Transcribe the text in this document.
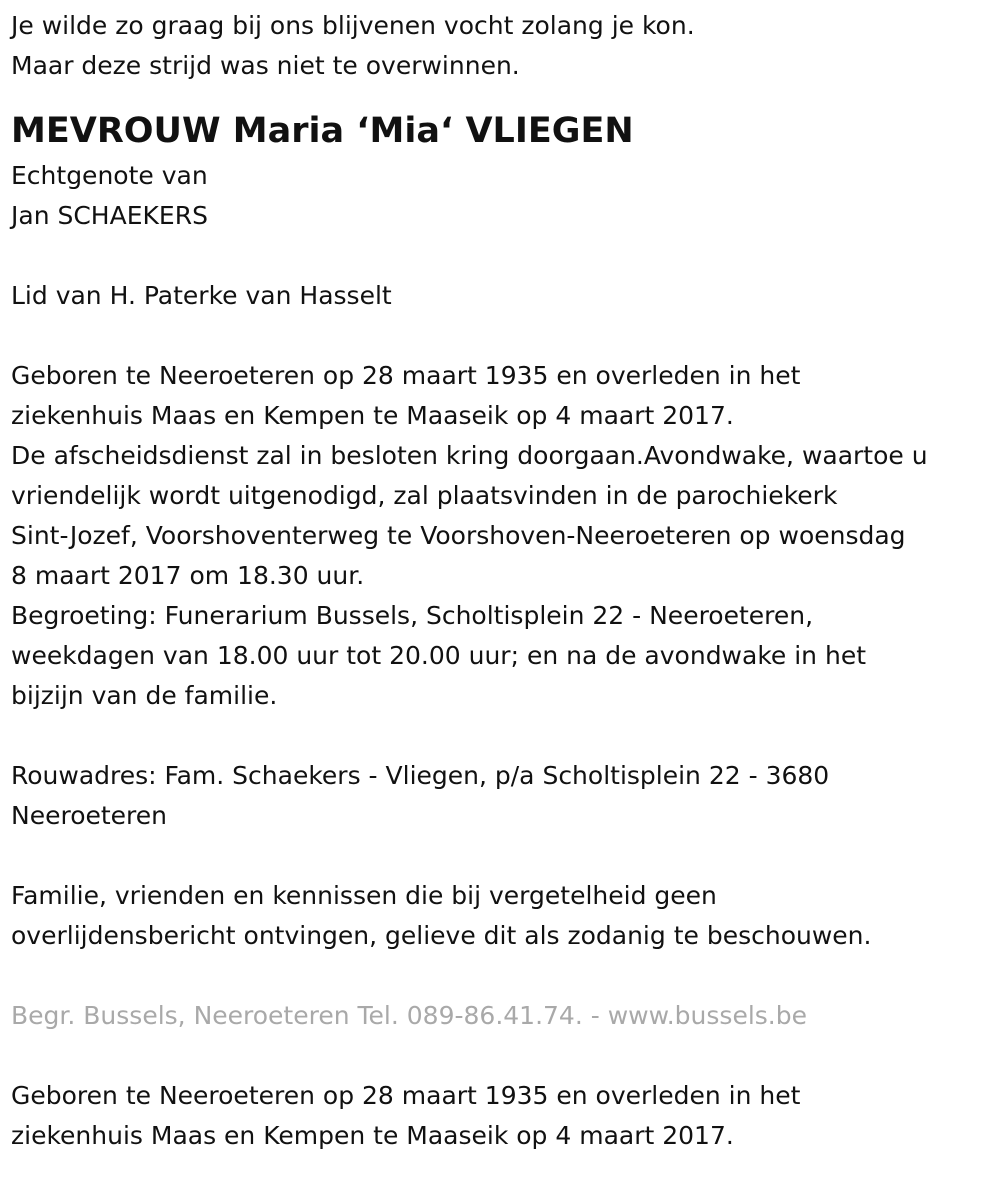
Je wilde zo graag bij ons blijvenen vocht zolang je kon.
Maar deze strijd was niet te overwinnen.
MEVROUW Maria ‘Mia‘ VLIEGEN
Echtgenote van
Jan SCHAEKERS
Lid van H. Paterke van Hasselt
Geboren te Neeroeteren op 28 maart 1935 en overleden in het
ziekenhuis Maas en Kempen te Maaseik op 4 maart 2017.
De afscheidsdienst zal in besloten kring doorgaan.Avondwake, waartoe u
vriendelijk wordt uitgenodigd, zal plaatsvinden in de parochiekerk
Sint-Jozef, Voorshoventerweg te Voorshoven-Neeroeteren op woensdag
8 maart 2017 om 18.30 uur.
Begroeting: Funerarium Bussels, Scholtisplein 22 - Neeroeteren,
weekdagen van 18.00 uur tot 20.00 uur; en na de avondwake in het
bijzijn van de familie.
Rouwadres: Fam. Schaekers - Vliegen, p/a Scholtisplein 22 - 3680
Neeroeteren
Familie, vrienden en kennissen die bij vergetelheid geen
overlijdensbericht ontvingen, gelieve dit als zodanig te beschouwen.
Begr. Bussels, Neeroeteren Tel. 089-86.41.74. - www.bussels.be
Geboren te Neeroeteren op 28 maart 1935 en overleden in het
ziekenhuis Maas en Kempen te Maaseik op 4 maart 2017.
